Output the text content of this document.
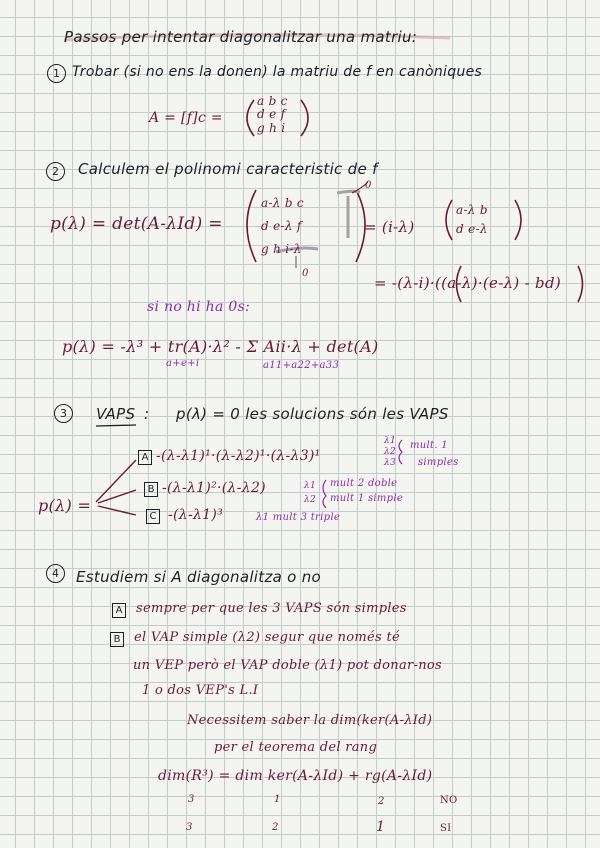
Passos per intentar diagonalitzar una matriu:
1 Trobar (si no ens la donen) la matriu de f en canòniques
A = [f]c =
a b c
d e f
g h i
2	Calculem el polinomi caracteristic de f
p(λ) = det(A-λId) =
a-λ b c
d e-λ f
g h i-λ
0
0
= (i-λ)
a-λ b
d e-λ
= -(λ-i)·((a-λ)·(e-λ) - bd)
si no hi ha 0s:
p(λ) = -λ³ + tr(A)·λ² - Σ Aii·λ + det(A)
a+e+i	a11+a22+a33
3	VAPS : p(λ) = 0 les solucions són les VAPS
p(λ) =
A -(λ-λ1)¹·(λ-λ2)¹·(λ-λ3)¹
B -(λ-λ1)²·(λ-λ2)
C -(λ-λ1)³
λ1
λ2
λ3
mult. 1
simples
λ1
λ2
mult 2 doble
mult 1 simple
λ1 mult 3 triple
4	Estudiem si A diagonalitza o no
A sempre per que les 3 VAPS són simples
B el VAP simple (λ2) segur que només té
un VEP però el VAP doble (λ1) pot donar-nos
1 o dos VEP's L.I
Necessitem saber la dim(ker(A-λId)
per el teorema del rang
dim(R³) = dim ker(A-λId) + rg(A-λId)
3	1	2	NO
3	2	1	SI
